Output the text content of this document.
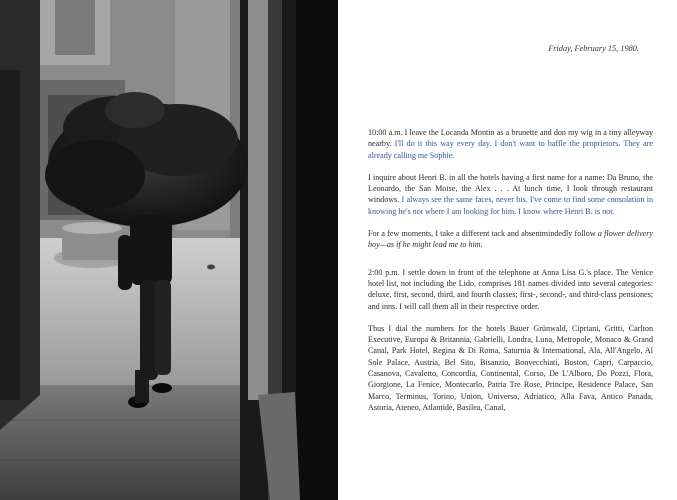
Friday, February 15, 1980.

10:00 a.m. I leave the Locanda Montin as a brunette and don my wig in a tiny alleyway nearby. I'll do it this way every day. I don't want to baffle the proprietors. They are already calling me Sophie.

I inquire about Henri B. in all the hotels having a first name for a name: Da Bruno, the Leonardo, the San Moise, the Alex . . . At lunch time, I look through restaurant windows. I always see the same faces, never his. I've come to find some consolation in knowing he's not where I am looking for him. I know where Henri B. is not.

For a few moments, I take a different tack and absentmindedly follow a flower delivery boy—as if he might lead me to him.

2:00 p.m. I settle down in front of the telephone at Anna Lisa G.'s place. The Venice hotel list, not including the Lido, comprises 181 names divided into several categories: deluxe, first, second, third, and fourth classes; first-, second-, and third-class pensiones; and inns. I will call them all in their respective order.

Thus I dial the numbers for the hotels Bauer Grünwald, Cipriani, Gritti, Carlton Executive, Europa & Britannia, Gabrielli, Londra, Luna, Metropole, Monaco & Grand Canal, Park Hotel, Regina & Di Roma, Saturnia & International, Ala, All'Angelo, Al Sole Palace, Austria, Bel Sito, Bisanzio, Bonvecchiati, Boston, Capri, Carpaccio, Casanova, Cavaletto, Concordia, Continental, Corso, De L'Alboro, Do Pozzi, Flora, Giorgione, La Fenice, Montecarlo, Patria Tre Rose, Principe, Residence Palace, San Marco, Terminus, Torino, Union, Universo, Adriatico, Alla Fava, Antico Panada, Astoria, Ateneo, Atlantide, Basilea, Canal,
